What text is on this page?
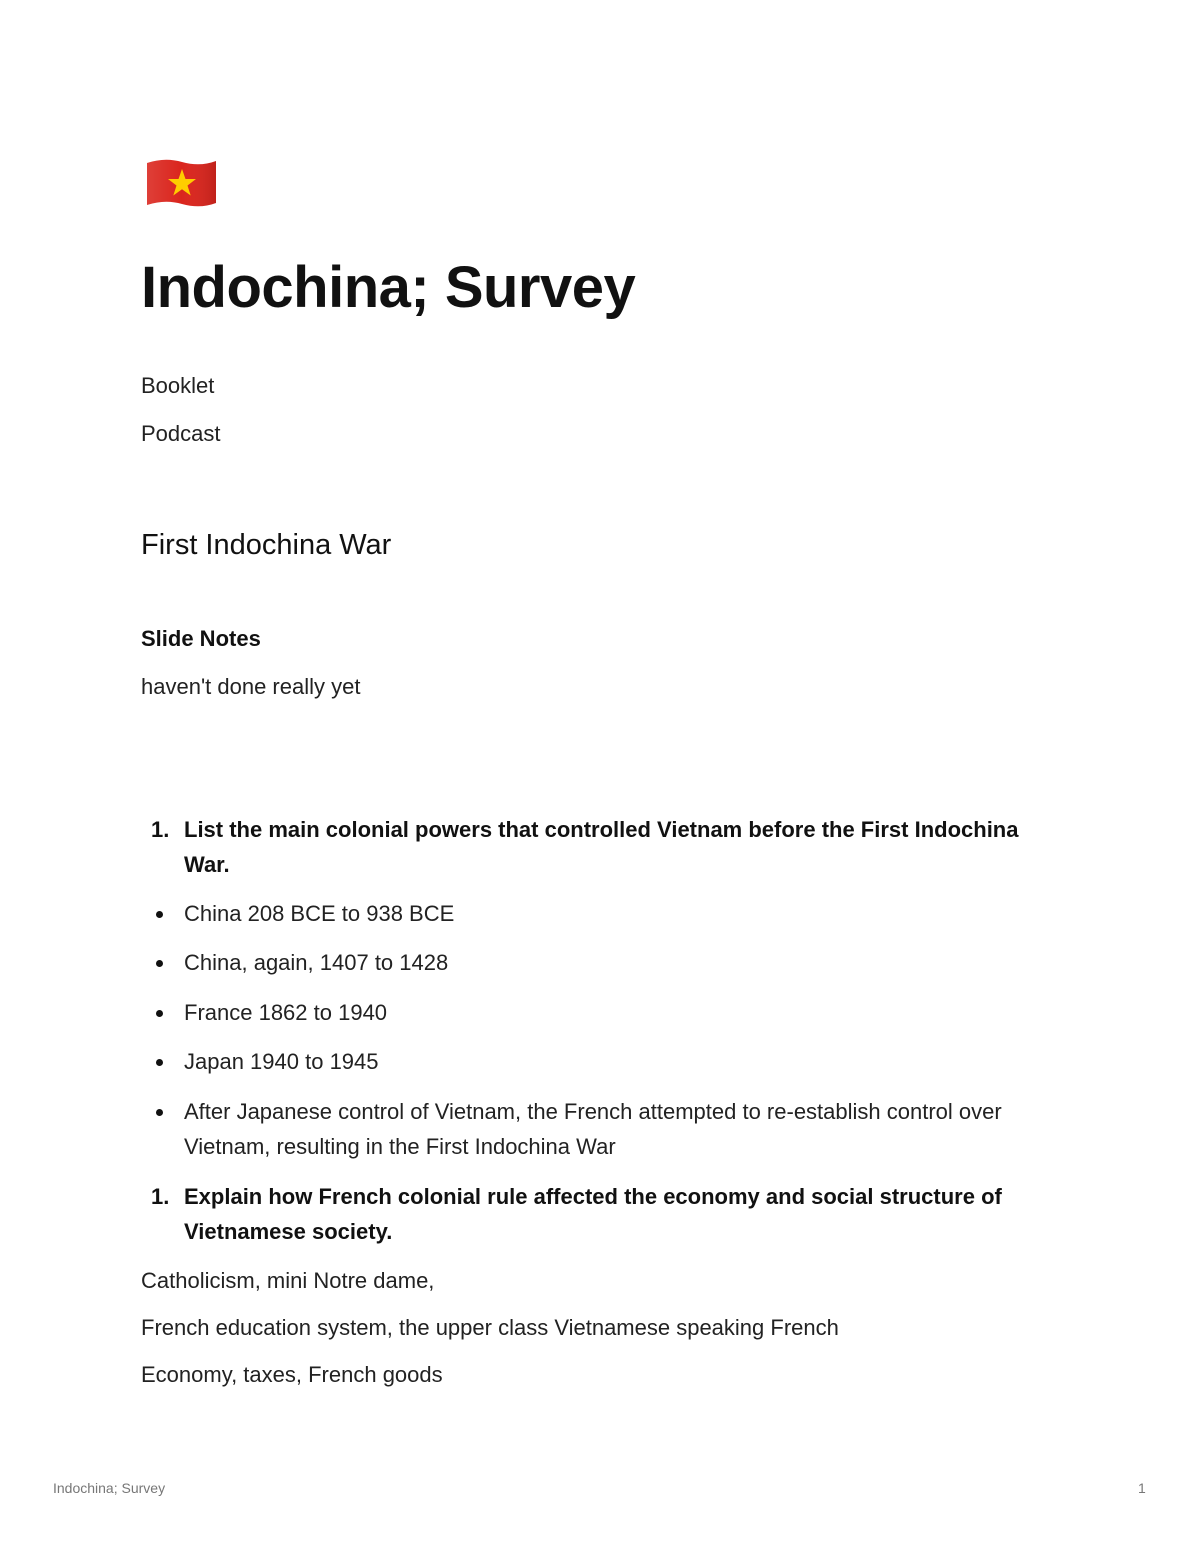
Indochina; Survey
Booklet
Podcast
First Indochina War
Slide Notes

haven't done really yet

1. List the main colonial powers that controlled Vietnam before the First Indochina War.

China 208 BCE to 938 BCE

China, again, 1407 to 1428

France 1862 to 1940

Japan 1940 to 1945

After Japanese control of Vietnam, the French attempted to re-establish control over Vietnam, resulting in the First Indochina War

1. Explain how French colonial rule affected the economy and social structure of Vietnamese society.

Catholicism, mini Notre dame,

French education system, the upper class Vietnamese speaking French

Economy, taxes, French goods

Indochina; Survey	1
